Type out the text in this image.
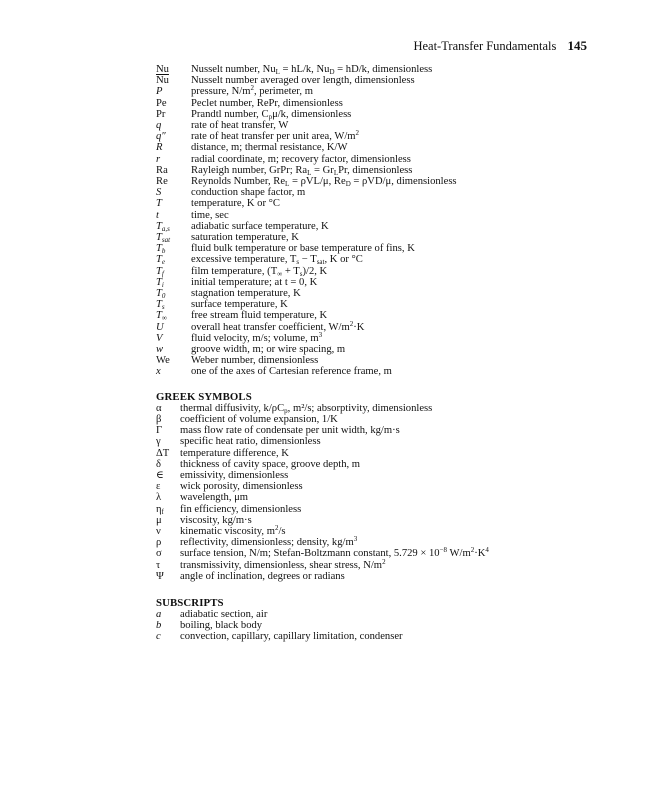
Heat-Transfer Fundamentals 145
Nu	Nusselt number, $Nu_L = hL/k$, $Nu_D = hD/k$, dimensionless
$\overline{Nu}$	Nusselt number averaged over length, dimensionless
P	pressure, $N/m^2$, perimeter, m
Pe	Peclet number, RePr, dimensionless
Pr	Prandtl number, $C_p\mu/k$, dimensionless
q	rate of heat transfer, W
q″	rate of heat transfer per unit area, $W/m^2$
R	distance, m; thermal resistance, K/W
r	radial coordinate, m; recovery factor, dimensionless
Ra	Rayleigh number, GrPr; $Ra_L = Gr_LPr$, dimensionless
Re	Reynolds Number, $Re_L = \rho VL/\mu$, $Re_D = \rho VD/\mu$, dimensionless
S	conduction shape factor, m
T	temperature, K or °C
t	time, sec
$T_{a,s}$	adiabatic surface temperature, K
$T_{sat}$	saturation temperature, K
$T_b$	fluid bulk temperature or base temperature of fins, K
$T_e$	excessive temperature, $T_s - T_{sat}$, K or °C
$T_f$	film temperature, $(T_\infty + T_s)/2$, K
$T_i$	initial temperature; at t = 0, K
$T_0$	stagnation temperature, K
$T_s$	surface temperature, K
$T_\infty$	free stream fluid temperature, K
U	overall heat transfer coefficient, $W/m^2\cdot K$
V	fluid velocity, m/s; volume, $m^3$
w	groove width, m; or wire spacing, m
We	Weber number, dimensionless
x	one of the axes of Cartesian reference frame, m
GREEK SYMBOLS
α	thermal diffusivity, $k/\rho C_p$, m²/s; absorptivity, dimensionless
β	coefficient of volume expansion, 1/K
Γ	mass flow rate of condensate per unit width, kg/m·s
γ	specific heat ratio, dimensionless
ΔT	temperature difference, K
δ	thickness of cavity space, groove depth, m
∈	emissivity, dimensionless
ε	wick porosity, dimensionless
λ	wavelength, μm
$\eta_f$	fin efficiency, dimensionless
μ	viscosity, kg/m·s
ν	kinematic viscosity, $m^2/s$
ρ	reflectivity, dimensionless; density, $kg/m^3$
σ	surface tension, N/m; Stefan-Boltzmann constant, $5.729 \times 10^{-8}$ $W/m^2\cdot K^4$
τ	transmissivity, dimensionless, shear stress, $N/m^2$
Ψ	angle of inclination, degrees or radians
SUBSCRIPTS
a	adiabatic section, air
b	boiling, black body
c	convection, capillary, capillary limitation, condenser
